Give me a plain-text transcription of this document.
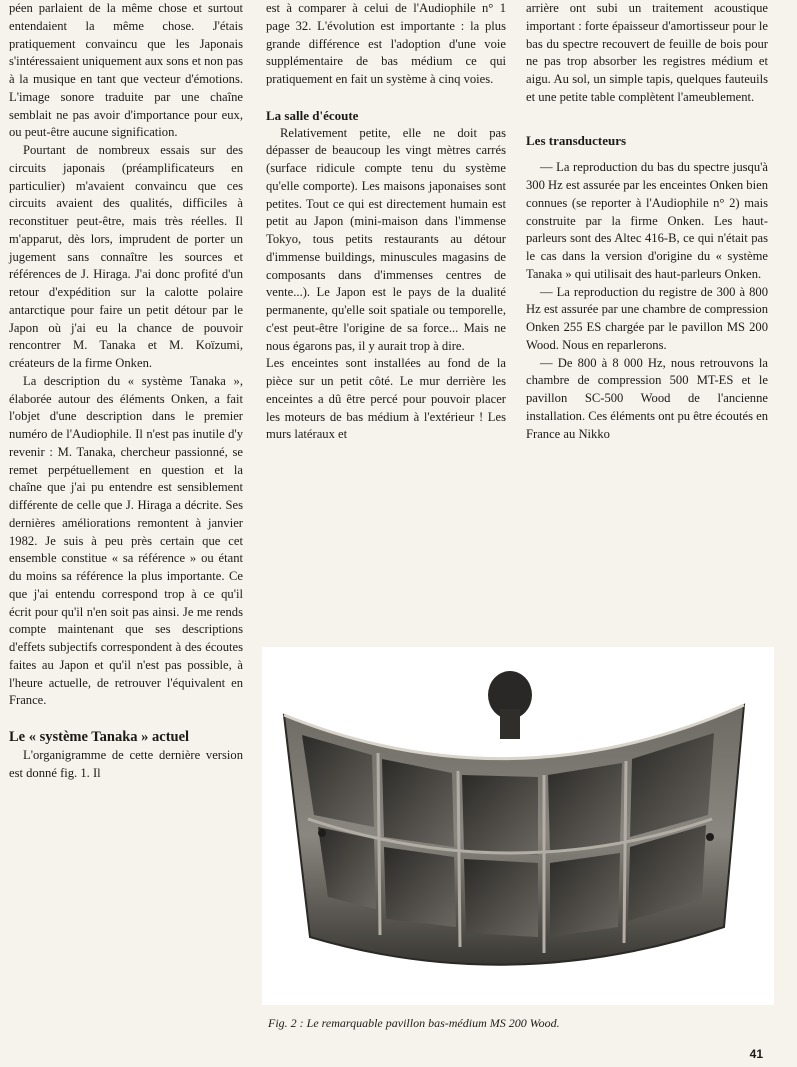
péen parlaient de la même chose et surtout entendaient la même chose. J'étais pratiquement convaincu que les Japonais s'intéressaient uniquement aux sons et non pas à la musique en tant que vecteur d'émotions. L'image sonore traduite par une chaîne semblait ne pas avoir d'importance pour eux, ou peut-être aucune signification.

Pourtant de nombreux essais sur des circuits japonais (préamplificateurs en particulier) m'avaient convaincu que ces circuits avaient des qualités, difficiles à reconstituer peut-être, mais très réelles. Il m'apparut, dès lors, imprudent de porter un jugement sans connaître les sources et références de J. Hiraga. J'ai donc profité d'un retour d'expédition sur la calotte polaire antarctique pour faire un petit détour par le Japon où j'ai eu la chance de pouvoir rencontrer M. Tanaka et M. Koïzumi, créateurs de la firme Onken.

La description du « système Tanaka », élaborée autour des éléments Onken, a fait l'objet d'une description dans le premier numéro de l'Audiophile. Il n'est pas inutile d'y revenir : M. Tanaka, chercheur passionné, se remet perpétuellement en question et la chaîne que j'ai pu entendre est sensiblement différente de celle que J. Hiraga a décrite. Ses dernières améliorations remontent à janvier 1982. Je suis à peu près certain que cet ensemble constitue « sa référence » ou étant du moins sa référence la plus importante. Ce que j'ai entendu correspond trop à ce qu'il écrit pour qu'il n'en soit pas ainsi. Je me rends compte maintenant que ses descriptions d'effets subjectifs correspondent à des écoutes faites au Japon et qu'il n'est pas possible, à l'heure actuelle, de retrouver l'équivalent en France.

Le « système Tanaka » actuel

L'organigramme de cette dernière version est donné fig. 1. Il

est à comparer à celui de l'Audiophile n° 1 page 32. L'évolution est importante : la plus grande différence est l'adoption d'une voie supplémentaire de bas médium ce qui pratiquement en fait un système à cinq voies.

La salle d'écoute

Relativement petite, elle ne doit pas dépasser de beaucoup les vingt mètres carrés (surface ridicule compte tenu du système qu'elle comporte). Les maisons japonaises sont petites. Tout ce qui est directement humain est petit au Japon (mini-maison dans l'immense Tokyo, tous petits restaurants au détour d'immense buildings, minuscules magasins de composants dans d'immenses centres de vente...). Le Japon est le pays de la dualité permanente, qu'elle soit spatiale ou temporelle, c'est peut-être l'origine de sa force... Mais ne nous égarons pas, il y aurait trop à dire.

Les enceintes sont installées au fond de la pièce sur un petit côté. Le mur derrière les enceintes a dû être percé pour pouvoir placer les moteurs de bas médium à l'extérieur ! Les murs latéraux et

arrière ont subi un traitement acoustique important : forte épaisseur d'amortisseur pour le bas du spectre recouvert de feuille de bois pour ne pas trop absorber les registres médium et aigu. Au sol, un simple tapis, quelques fauteuils et une petite table complètent l'ameublement.

Les transducteurs

— La reproduction du bas du spectre jusqu'à 300 Hz est assurée par les enceintes Onken bien connues (se reporter à l'Audiophile n° 2) mais construite par la firme Onken. Les haut-parleurs sont des Altec 416-B, ce qui n'était pas le cas dans la version d'origine du « système Tanaka » qui utilisait des haut-parleurs Onken.

— La reproduction du registre de 300 à 800 Hz est assurée par une chambre de compression Onken 255 ES chargée par le pavillon MS 200 Wood. Nous en reparlerons.

— De 800 à 8 000 Hz, nous retrouvons la chambre de compression 500 MT-ES et le pavillon SC-500 Wood de l'ancienne installation. Ces éléments ont pu être écoutés en France au Nikko

Fig. 2 : Le remarquable pavillon bas-médium MS 200 Wood.
41
